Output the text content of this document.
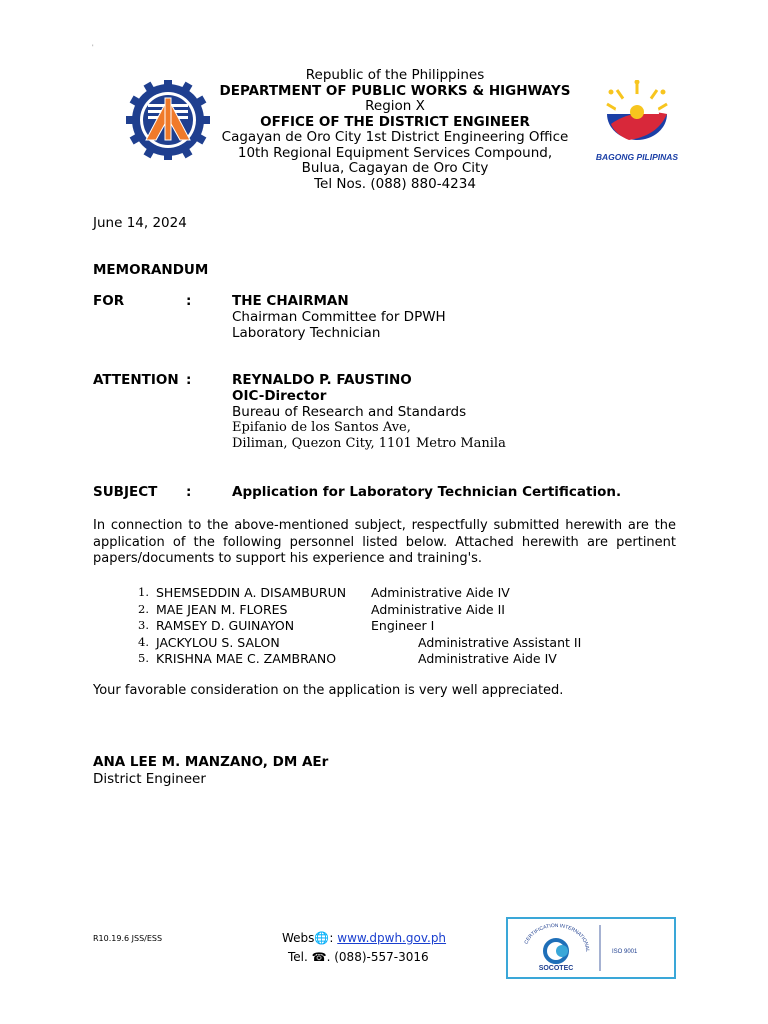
'
BAGONG PILIPINAS
Republic of the Philippines
DEPARTMENT OF PUBLIC WORKS & HIGHWAYS
Region X
OFFICE OF THE DISTRICT ENGINEER
Cagayan de Oro City 1st District Engineering Office
10th Regional Equipment Services Compound,
Bulua, Cagayan de Oro City
Tel Nos. (088) 880-4234
June 14, 2024
MEMORANDUM
FOR	:	THE CHAIRMAN
Chairman Committee for DPWH
Laboratory Technician
ATTENTION :	REYNALDO P. FAUSTINO
OIC-Director
Bureau of Research and Standards
Epifanio de los Santos Ave,
Diliman, Quezon City, 1101 Metro Manila
SUBJECT :	Application for Laboratory Technician Certification.
In connection to the above-mentioned subject, respectfully submitted herewith are the application of the following personnel listed below. Attached herewith are pertinent papers/documents to support his experience and training's.
1. SHEMSEDDIN A. DISAMBURUN Administrative Aide IV
2. MAE JEAN M. FLORES	Administrative Aide II
3. RAMSEY D. GUINAYON	Engineer I
4. JACKYLOU S. SALON	Administrative Assistant II
5. KRISHNA MAE C. ZAMBRANO	Administrative Aide IV
Your favorable consideration on the application is very well appreciated.
ANA LEE M. MANZANO, DM AEr
District Engineer
R10.19.6 JSS/ESS	Webs🌐: www.dpwh.gov.ph
Tel. ☎. (088)-557-3016
CERTIFICATION INTERNATIONAL
SOCOTEC
ISO 9001
